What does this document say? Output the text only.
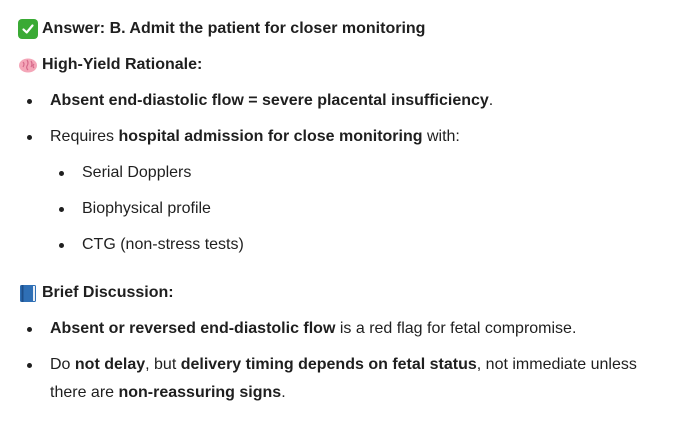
Answer: B. Admit the patient for closer monitoring
High-Yield Rationale:
Absent end-diastolic flow = severe placental insufficiency .
Requires
hospital admission for close monitoring
with:
Serial Dopplers
Biophysical profile
CTG (non-stress tests)
Brief Discussion:
Absent or reversed end-diastolic flow
is a red flag for fetal compromise.
Do not delay, but delivery timing depends on fetal status, not immediate unless there are non-reassuring signs.
